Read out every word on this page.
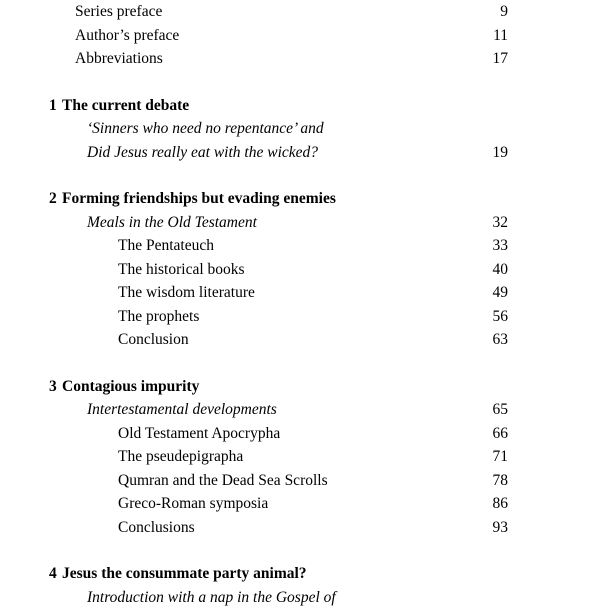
Series preface	9
Author’s preface	11
Abbreviations	17
1 The current debate
‘Sinners who need no repentance’ and
Did Jesus really eat with the wicked?	19
2 Forming friendships but evading enemies
Meals in the Old Testament	32
The Pentateuch	33
The historical books	40
The wisdom literature	49
The prophets	56
Conclusion	63
3 Contagious impurity
Intertestamental developments	65
Old Testament Apocrypha	66
The pseudepigrapha	71
Qumran and the Dead Sea Scrolls	78
Greco-Roman symposia	86
Conclusions	93
4 Jesus the consummate party animal?
Introduction with a nap in the Gospel of
